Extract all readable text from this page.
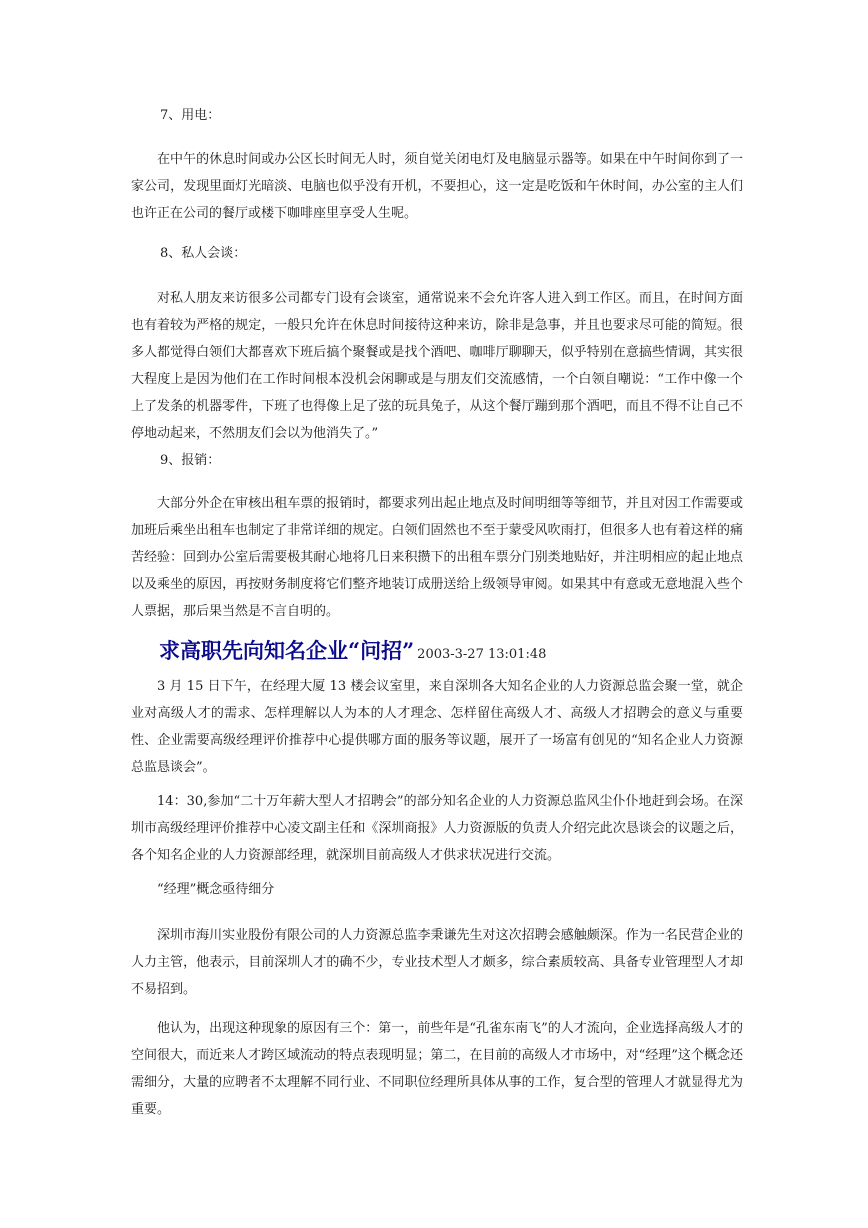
7、用电：

在中午的休息时间或办公区长时间无人时，须自觉关闭电灯及电脑显示器等。如果在中午时间你到了一家公司，发现里面灯光暗淡、电脑也似乎没有开机，不要担心，这一定是吃饭和午休时间，办公室的主人们也许正在公司的餐厅或楼下咖啡座里享受人生呢。

8、私人会谈：

对私人朋友来访很多公司都专门设有会谈室，通常说来不会允许客人进入到工作区。而且，在时间方面也有着较为严格的规定，一般只允许在休息时间接待这种来访，除非是急事，并且也要求尽可能的简短。很多人都觉得白领们大都喜欢下班后搞个聚餐或是找个酒吧、咖啡厅聊聊天，似乎特别在意搞些情调，其实很大程度上是因为他们在工作时间根本没机会闲聊或是与朋友们交流感情，一个白领自嘲说：“工作中像一个上了发条的机器零件，下班了也得像上足了弦的玩具兔子，从这个餐厅蹦到那个酒吧，而且不得不让自己不停地动起来，不然朋友们会以为他消失了。”

9、报销：

大部分外企在审核出租车票的报销时，都要求列出起止地点及时间明细等等细节，并且对因工作需要或加班后乘坐出租车也制定了非常详细的规定。白领们固然也不至于蒙受风吹雨打，但很多人也有着这样的痛苦经验：回到办公室后需要极其耐心地将几日来积攒下的出租车票分门别类地贴好，并注明相应的起止地点以及乘坐的原因，再按财务制度将它们整齐地装订成册送给上级领导审阅。如果其中有意或无意地混入些个人票据，那后果当然是不言自明的。

求高职先向知名企业“问招” 2003-3-27 13:01:48

3 月 15 日下午，在经理大厦 13 楼会议室里，来自深圳各大知名企业的人力资源总监会聚一堂，就企业对高级人才的需求、怎样理解以人为本的人才理念、怎样留住高级人才、高级人才招聘会的意义与重要性、企业需要高级经理评价推荐中心提供哪方面的服务等议题，展开了一场富有创见的“知名企业人力资源总监恳谈会”。

14：30,参加“二十万年薪大型人才招聘会”的部分知名企业的人力资源总监风尘仆仆地赶到会场。在深圳市高级经理评价推荐中心凌文副主任和《深圳商报》人力资源版的负责人介绍完此次恳谈会的议题之后，各个知名企业的人力资源部经理，就深圳目前高级人才供求状况进行交流。

“经理”概念亟待细分

深圳市海川实业股份有限公司的人力资源总监李秉谦先生对这次招聘会感触颇深。作为一名民营企业的人力主管，他表示，目前深圳人才的确不少，专业技术型人才颇多，综合素质较高、具备专业管理型人才却不易招到。

他认为，出现这种现象的原因有三个：第一，前些年是“孔雀东南飞”的人才流向，企业选择高级人才的空间很大，而近来人才跨区域流动的特点表现明显；第二，在目前的高级人才市场中，对“经理”这个概念还需细分，大量的应聘者不太理解不同行业、不同职位经理所具体从事的工作，复合型的管理人才就显得尤为重要。
